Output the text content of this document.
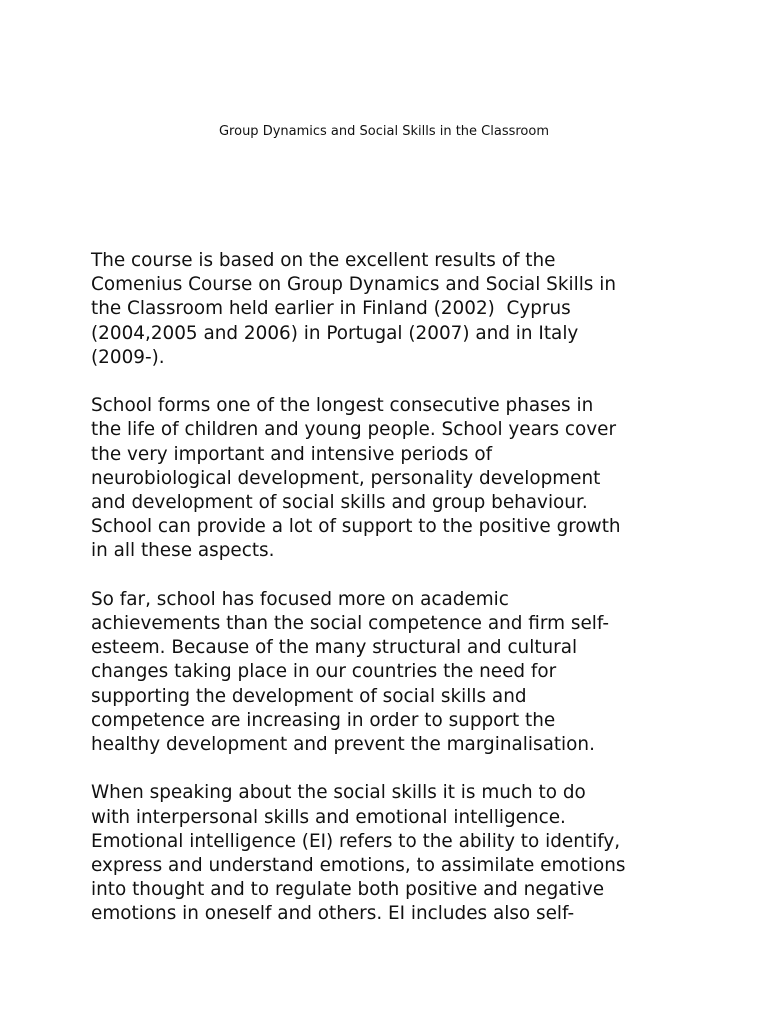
Group Dynamics and Social Skills in the Classroom

The course is based on the excellent results of the
Comenius Course on Group Dynamics and Social Skills in
the Classroom held earlier in Finland (2002)  Cyprus
(2004,2005 and 2006) in Portugal (2007) and in Italy
(2009-).

School forms one of the longest consecutive phases in
the life of children and young people. School years cover
the very important and intensive periods of
neurobiological development, personality development
and development of social skills and group behaviour.
School can provide a lot of support to the positive growth
in all these aspects.

So far, school has focused more on academic
achievements than the social competence and firm self-
esteem. Because of the many structural and cultural
changes taking place in our countries the need for
supporting the development of social skills and
competence are increasing in order to support the
healthy development and prevent the marginalisation.

When speaking about the social skills it is much to do
with interpersonal skills and emotional intelligence.
Emotional intelligence (EI) refers to the ability to identify,
express and understand emotions, to assimilate emotions
into thought and to regulate both positive and negative
emotions in oneself and others. EI includes also self-
